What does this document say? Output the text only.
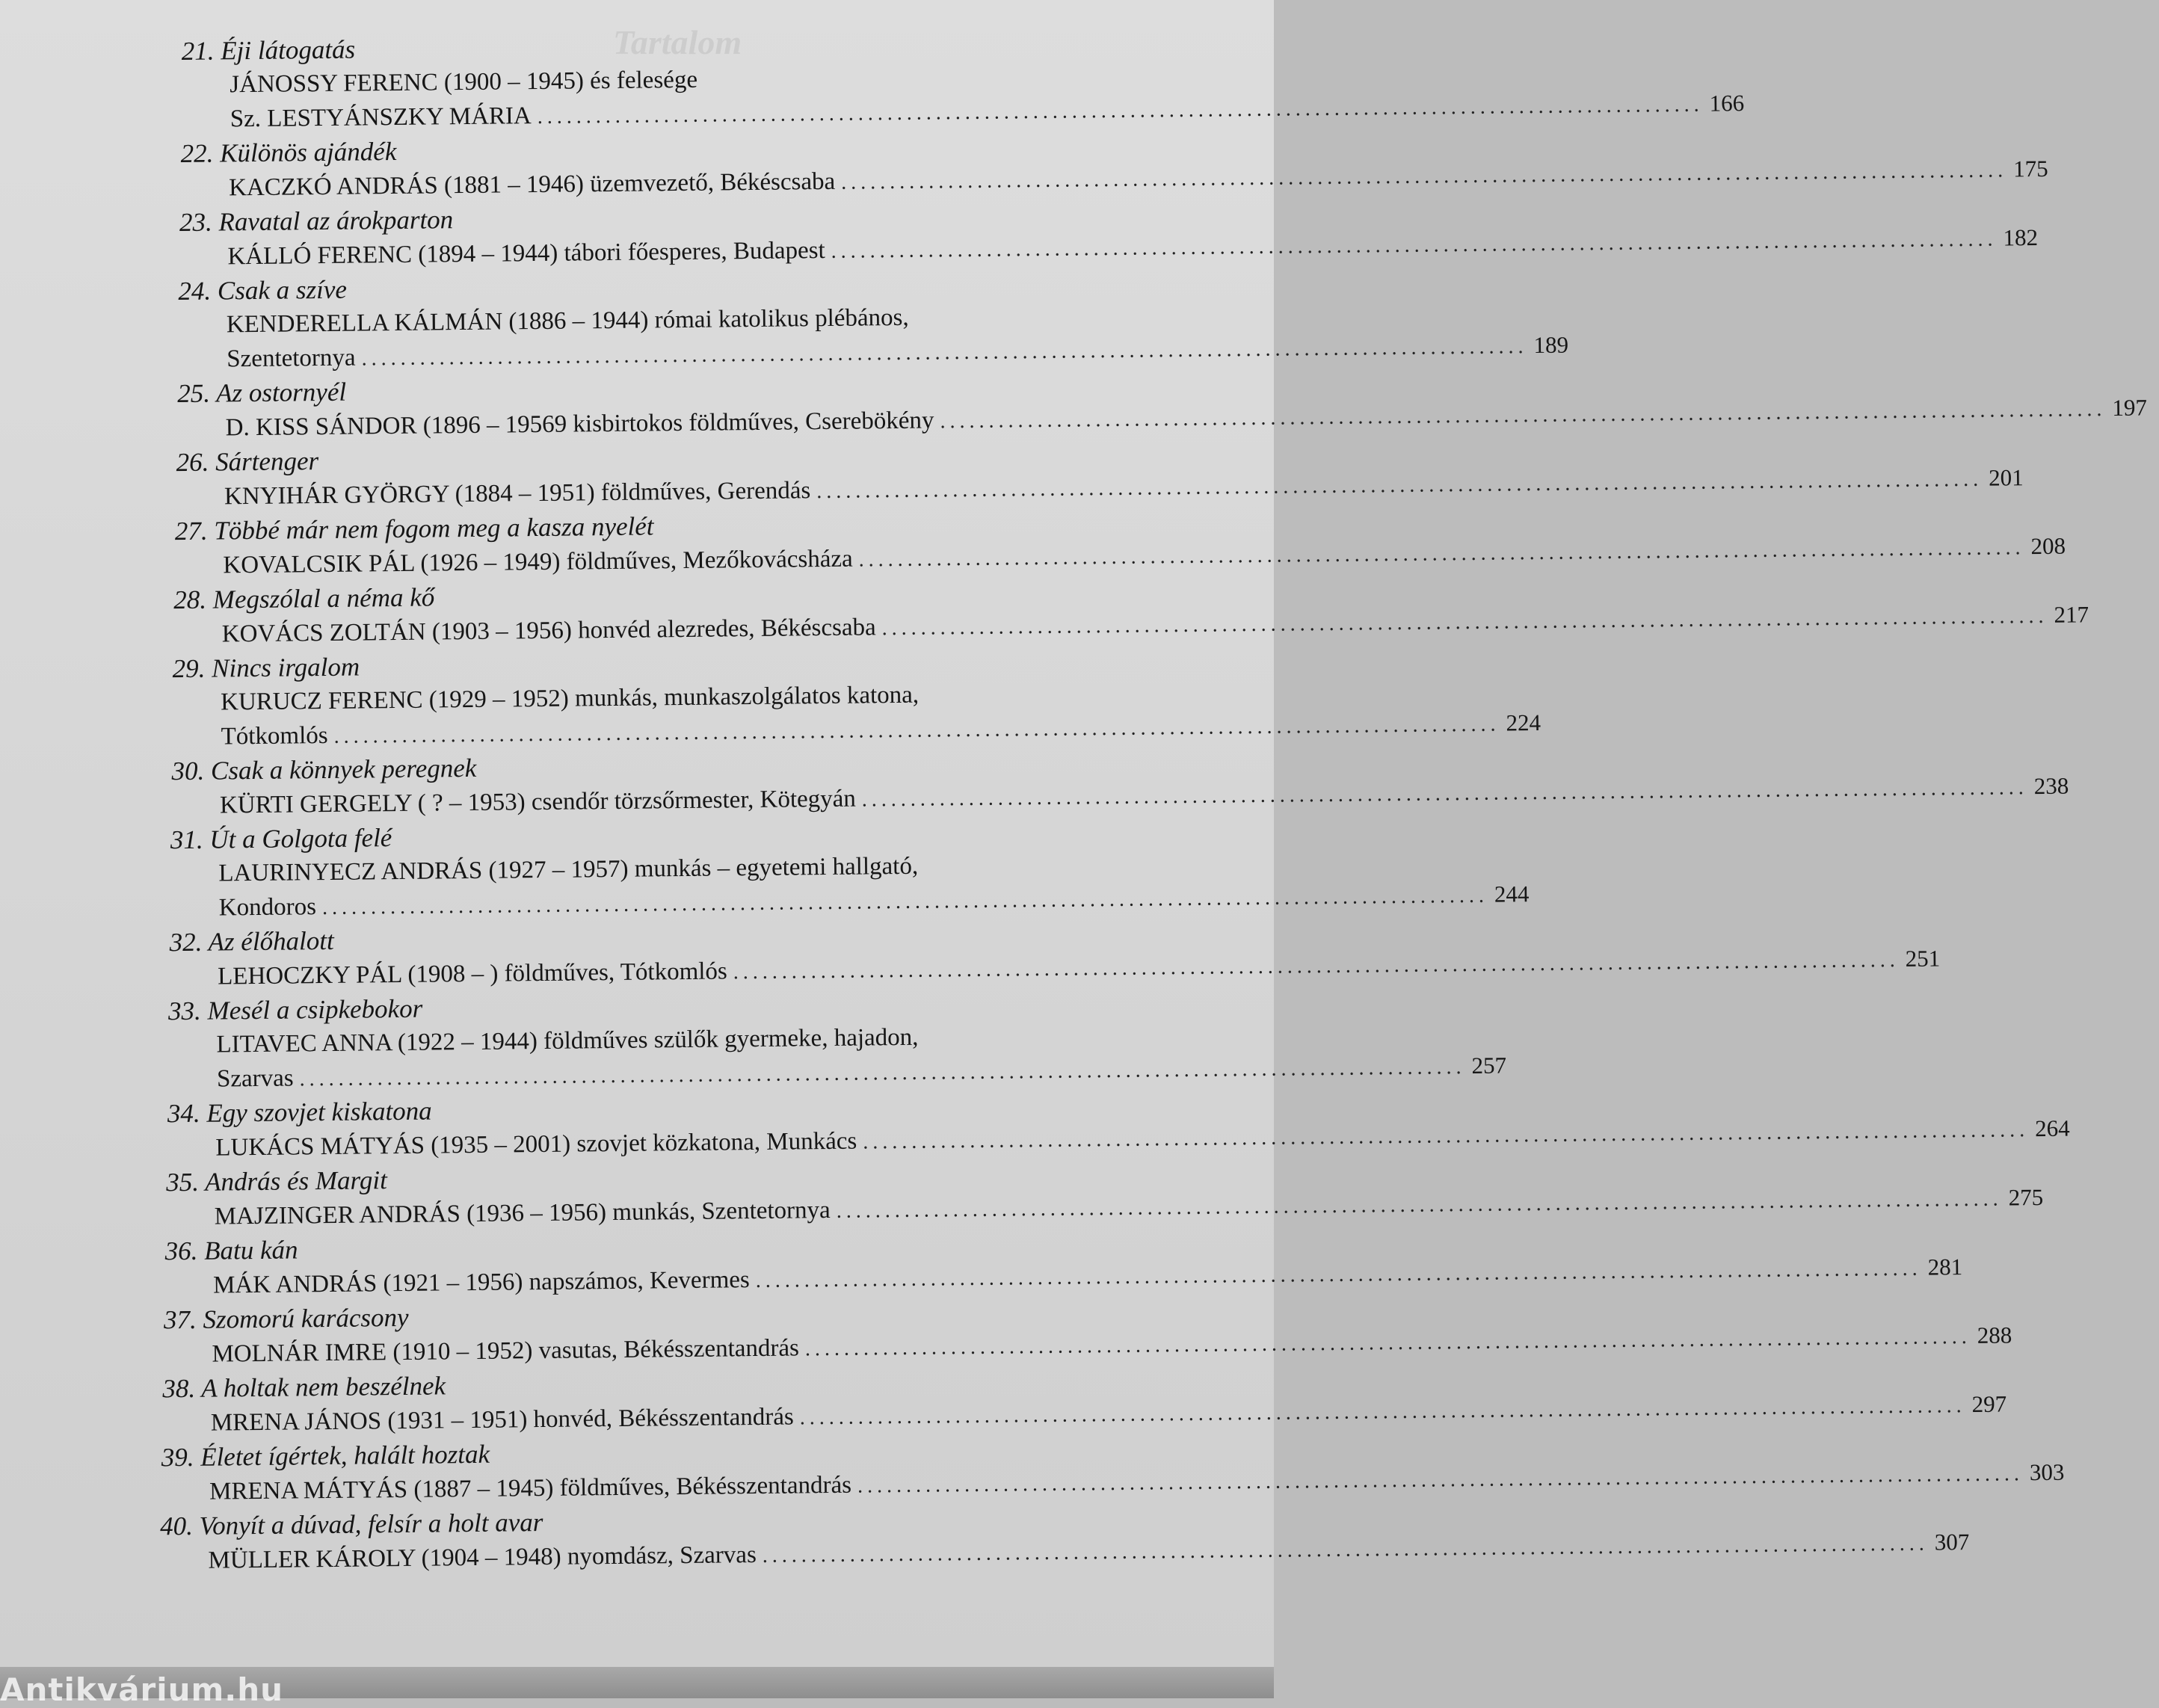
Tartalom
21. Éji látogatás
JÁNOSSY FERENC (1900 – 1945) és felesége
Sz. LESTYÁNSZKY MÁRIA ........................................................................................................................ 166
22. Különös ajándék
KACZKÓ ANDRÁS (1881 – 1946) üzemvezető, Békéscsaba ........................................................................................................................ 175
23. Ravatal az árokparton
KÁLLÓ FERENC (1894 – 1944) tábori főesperes, Budapest ........................................................................................................................ 182
24. Csak a szíve
KENDERELLA KÁLMÁN (1886 – 1944) római katolikus plébános,
Szentetornya ........................................................................................................................ 189
25. Az ostornyél
D. KISS SÁNDOR (1896 – 19569 kisbirtokos földműves, Cserebökény ........................................................................................................................ 197
26. Sártenger
KNYIHÁR GYÖRGY (1884 – 1951) földműves, Gerendás ........................................................................................................................ 201
27. Többé már nem fogom meg a kasza nyelét
KOVALCSIK PÁL (1926 – 1949) földműves, Mezőkovácsháza ........................................................................................................................ 208
28. Megszólal a néma kő
KOVÁCS ZOLTÁN (1903 – 1956) honvéd alezredes, Békéscsaba ........................................................................................................................ 217
29. Nincs irgalom
KURUCZ FERENC (1929 – 1952) munkás, munkaszolgálatos katona,
Tótkomlós ........................................................................................................................ 224
30. Csak a könnyek peregnek
KÜRTI GERGELY ( ? – 1953) csendőr törzsőrmester, Kötegyán ........................................................................................................................ 238
31. Út a Golgota felé
LAURINYECZ ANDRÁS (1927 – 1957) munkás – egyetemi hallgató,
Kondoros ........................................................................................................................ 244
32. Az élőhalott
LEHOCZKY PÁL (1908 – ) földműves, Tótkomlós ........................................................................................................................ 251
33. Mesél a csipkebokor
LITAVEC ANNA (1922 – 1944) földműves szülők gyermeke, hajadon,
Szarvas ........................................................................................................................ 257
34. Egy szovjet kiskatona
LUKÁCS MÁTYÁS (1935 – 2001) szovjet közkatona, Munkács ........................................................................................................................ 264
35. András és Margit
MAJZINGER ANDRÁS (1936 – 1956) munkás, Szentetornya ........................................................................................................................ 275
36. Batu kán
MÁK ANDRÁS (1921 – 1956) napszámos, Kevermes ........................................................................................................................ 281
37. Szomorú karácsony
MOLNÁR IMRE (1910 – 1952) vasutas, Békésszentandrás ........................................................................................................................ 288
38. A holtak nem beszélnek
MRENA JÁNOS (1931 – 1951) honvéd, Békésszentandrás ........................................................................................................................ 297
39. Életet ígértek, halált hoztak
MRENA MÁTYÁS (1887 – 1945) földműves, Békésszentandrás ........................................................................................................................ 303
40. Vonyít a dúvad, felsír a holt avar
MÜLLER KÁROLY (1904 – 1948) nyomdász, Szarvas ........................................................................................................................ 307
Antikvárium.hu
